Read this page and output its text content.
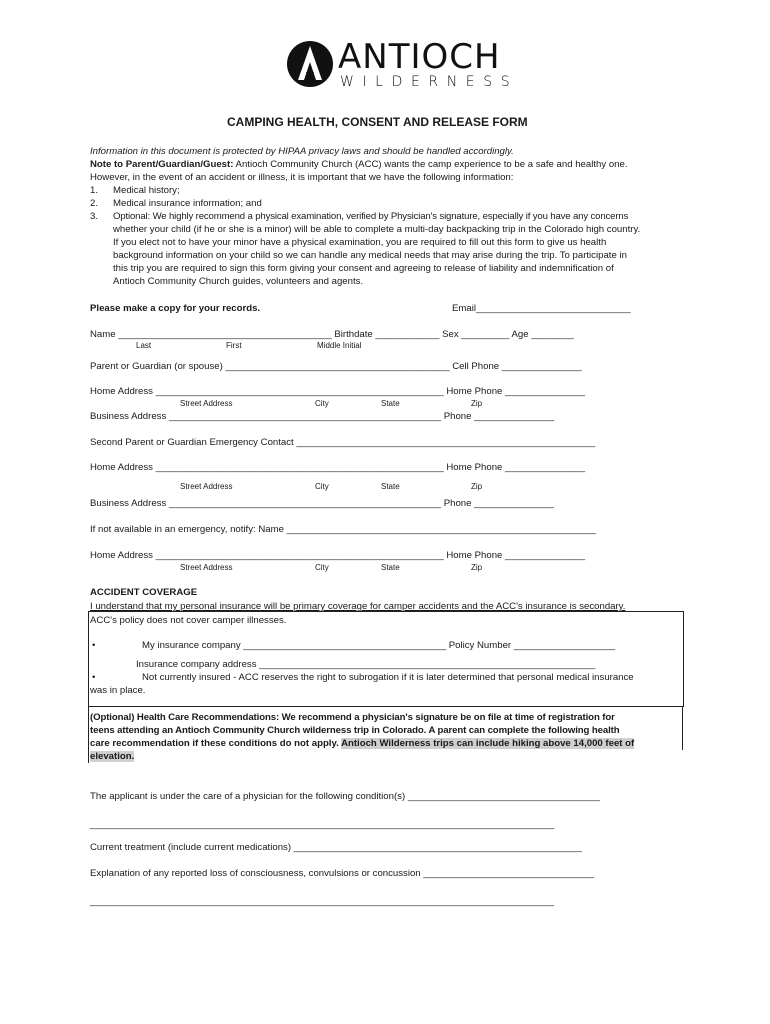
ANTIOCH
WILDERNESS
CAMPING HEALTH, CONSENT AND RELEASE FORM
Information in this document is protected by HIPAA privacy laws and should be handled accordingly.
Note to Parent/Guardian/Guest: Antioch Community Church (ACC) wants the camp experience to be a safe and healthy one.
However, in the event of an accident or illness, it is important that we have the following information:
1. Medical history;
2. Medical insurance information; and
3. Optional: We highly recommend a physical examination, verified by Physician's signature, especially if you have any concerns
whether your child (if he or she is a minor) will be able to complete a multi-day backpacking trip in the Colorado high country.
If you elect not to have your minor have a physical examination, you are required to fill out this form to give us health
background information on your child so we can handle any medical needs that may arise during the trip. To participate in
this trip you are required to sign this form giving your consent and agreeing to release of liability and indemnification of
Antioch Community Church guides, volunteers and agents.
Please make a copy for your records.	Email_____________________________
Name ________________________________________ Birthdate ____________ Sex _________ Age ________
Last	First	Middle Initial
Parent or Guardian (or spouse) __________________________________________ Cell Phone _______________
Home Address ______________________________________________________ Home Phone _______________
Street Address	City	State	Zip
Business Address ___________________________________________________ Phone _______________
Second Parent or Guardian Emergency Contact ________________________________________________________
Home Address ______________________________________________________ Home Phone _______________
Street Address	City	State	Zip
Business Address ___________________________________________________ Phone _______________
If not available in an emergency, notify: Name __________________________________________________________
Home Address ______________________________________________________ Home Phone _______________
Street Address	City	State	Zip
ACCIDENT COVERAGE
I understand that my personal insurance will be primary coverage for camper accidents and the ACC's insurance is secondary.
ACC's policy does not cover camper illnesses.
•	My insurance company ______________________________________ Policy Number ___________________
Insurance company address _______________________________________________________________
•	Not currently insured - ACC reserves the right to subrogation if it is later determined that personal medical insurance
was in place.
(Optional) Health Care Recommendations: We recommend a physician's signature be on file at time of registration for
teens attending an Antioch Community Church wilderness trip in Colorado. A parent can complete the following health
care recommendation if these conditions do not apply. Antioch Wilderness trips can include hiking above 14,000 feet of
elevation.
The applicant is under the care of a physician for the following condition(s) ____________________________________
_______________________________________________________________________________________
Current treatment (include current medications) ______________________________________________________
Explanation of any reported loss of consciousness, convulsions or concussion ________________________________
_______________________________________________________________________________________
